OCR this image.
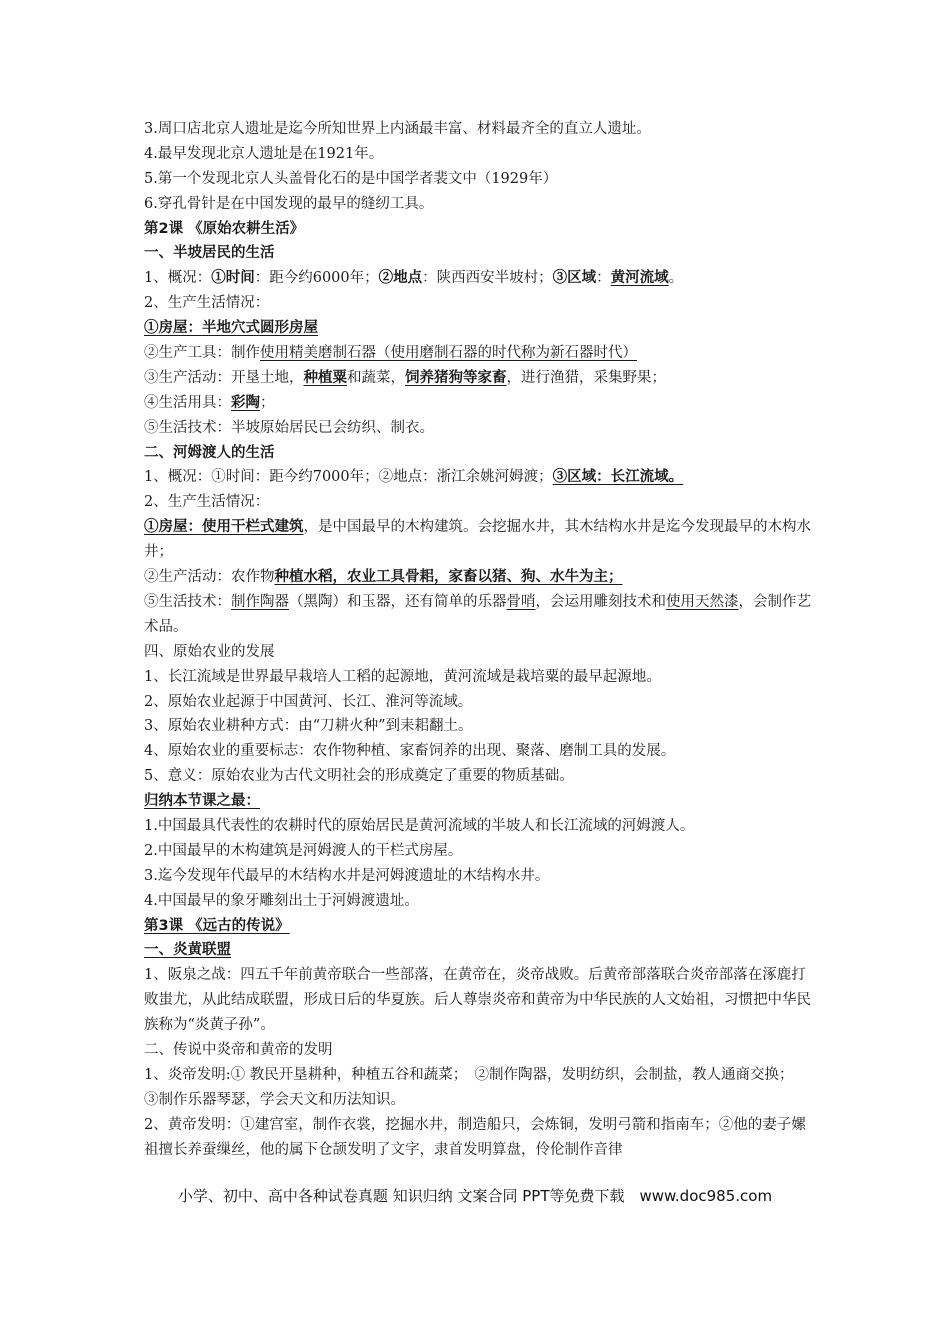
3.周口店北京人遗址是迄今所知世界上内涵最丰富、材料最齐全的直立人遗址。
4.最早发现北京人遗址是在1921年。
5.第一个发现北京人头盖骨化石的是中国学者裴文中（1929年）
6.穿孔骨针是在中国发现的最早的缝纫工具。
第2课 《原始农耕生活》
一、半坡居民的生活
1、概况：①时间：距今约6000年；②地点：陕西西安半坡村；③区域：黄河流域。
2、生产生活情况：
①房屋：半地穴式圆形房屋
②生产工具：制作使用精美磨制石器（使用磨制石器的时代称为新石器时代）
③生产活动：开垦土地，种植粟和蔬菜，饲养猪狗等家畜，进行渔猎，采集野果；
④生活用具：彩陶；
⑤生活技术：半坡原始居民已会纺织、制衣。
二、河姆渡人的生活
1、概况：①时间：距今约7000年；②地点：浙江余姚河姆渡；③区域：长江流域。
2、生产生活情况：
①房屋：使用干栏式建筑，是中国最早的木构建筑。会挖掘水井，其木结构水井是迄今发现最早的木构水井；
②生产活动：农作物种植水稻，农业工具骨耜，家畜以猪、狗、水牛为主；
⑤生活技术：制作陶器（黑陶）和玉器，还有简单的乐器骨哨，会运用雕刻技术和使用天然漆，会制作艺术品。
四、原始农业的发展
1、长江流域是世界最早栽培人工稻的起源地，黄河流域是栽培粟的最早起源地。
2、原始农业起源于中国黄河、长江、淮河等流域。
3、原始农业耕种方式：由“刀耕火种”到耒耜翻土。
4、原始农业的重要标志：农作物种植、家畜饲养的出现、聚落、磨制工具的发展。
5、意义：原始农业为古代文明社会的形成奠定了重要的物质基础。
归纳本节课之最：
1.中国最具代表性的农耕时代的原始居民是黄河流域的半坡人和长江流域的河姆渡人。
2.中国最早的木构建筑是河姆渡人的干栏式房屋。
3.迄今发现年代最早的木结构水井是河姆渡遗址的木结构水井。
4.中国最早的象牙雕刻出土于河姆渡遗址。
第3课 《远古的传说》
一、炎黄联盟
1、阪泉之战：四五千年前黄帝联合一些部落，在黄帝在，炎帝战败。后黄帝部落联合炎帝部落在涿鹿打败蚩尤，从此结成联盟，形成日后的华夏族。后人尊崇炎帝和黄帝为中华民族的人文始祖，习惯把中华民族称为“炎黄子孙”。
二、传说中炎帝和黄帝的发明
1、炎帝发明:① 教民开垦耕种，种植五谷和蔬菜；　②制作陶器，发明纺织，会制盐，教人通商交换；　③制作乐器琴瑟，学会天文和历法知识。
2、黄帝发明：①建宫室，制作衣裳，挖掘水井，制造船只，会炼铜，发明弓箭和指南车；②他的妻子嫘祖擅长养蚕缫丝，他的属下仓颉发明了文字，隶首发明算盘，伶伦制作音律
小学、初中、高中各种试卷真题 知识归纳 文案合同 PPT等免费下载　www.doc985.com
